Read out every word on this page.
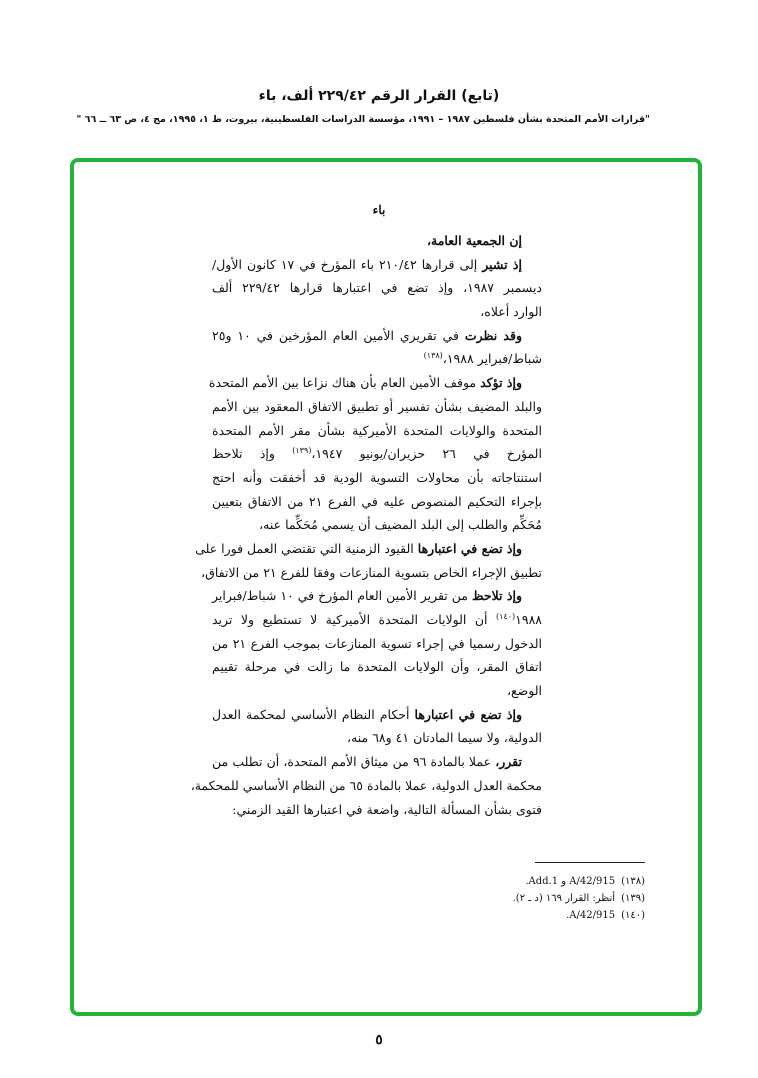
(تابع) القرار الرقم ٢٢٩/٤٢ ألف، باء
"قرارات الأمم المتحدة بشأن فلسطين ١٩٨٧ – ١٩٩١، مؤسسة الدراسات الفلسطينية، بيروت، ط ١، ١٩٩٥، مج ٤، ص ٦٣ ــ ٦٦ "
باء
إن الجمعية العامة،
إذ تشير إلى قرارها ٢١٠/٤٢ باء المؤرخ في ١٧ كانون الأول/
ديسمبر ١٩٨٧، وإذ تضع في اعتبارها قرارها ٢٢٩/٤٢ ألف
الوارد أعلاه،
وقد نظرت في تقريري الأمين العام المؤرخين في ١٠ و٢٥
شباط/فبراير ١٩٨٨،$^{(١٣٨)}$
وإذ تؤكد موقف الأمين العام بأن هناك نزاعا بين الأمم المتحدة
والبلد المضيف بشأن تفسير أو تطبيق الاتفاق المعقود بين الأمم
المتحدة والولايات المتحدة الأميركية بشأن مقر الأمم المتحدة
المؤرخ في ٢٦ حزيران/يونيو ١٩٤٧،$^{(١٣٩)}$ وإذ تلاحظ
استنتاجاته بأن محاولات التسوية الودية قد أخفقت وأنه احتج
بإجراء التحكيم المنصوص عليه في الفرع ٢١ من الاتفاق بتعيين
مُحَكِّم والطلب إلى البلد المضيف أن يسمي مُحَكِّما عنه،
وإذ تضع في اعتبارها القيود الزمنية التي تقتضي العمل فورا على
تطبيق الإجراء الخاص بتسوية المنازعات وفقا للفرع ٢١ من الاتفاق،
وإذ تلاحظ من تقرير الأمين العام المؤرخ في ١٠ شباط/فبراير
١٩٨٨$^{(١٤٠)}$ أن الولايات المتحدة الأميركية لا تستطيع ولا تريد
الدخول رسميا في إجراء تسوية المنازعات بموجب الفرع ٢١ من
اتفاق المقر، وأن الولايات المتحدة ما زالت في مرحلة تقييم
الوضع،
وإذ تضع في اعتبارها أحكام النظام الأساسي لمحكمة العدل
الدولية، ولا سيما المادتان ٤١ و٦٨ منه،
تقرر، عملا بالمادة ٩٦ من ميثاق الأمم المتحدة، أن تطلب من
محكمة العدل الدولية، عملا بالمادة ٦٥ من النظام الأساسي للمحكمة،
فتوى بشأن المسألة التالية، واضعة في اعتبارها القيد الزمني:
(١٣٨)A/42/915 و Add.1.
(١٣٩)أنظر: القرار ١٦٩ (د ـ ٢).
(١٤٠)A/42/915.
٥
